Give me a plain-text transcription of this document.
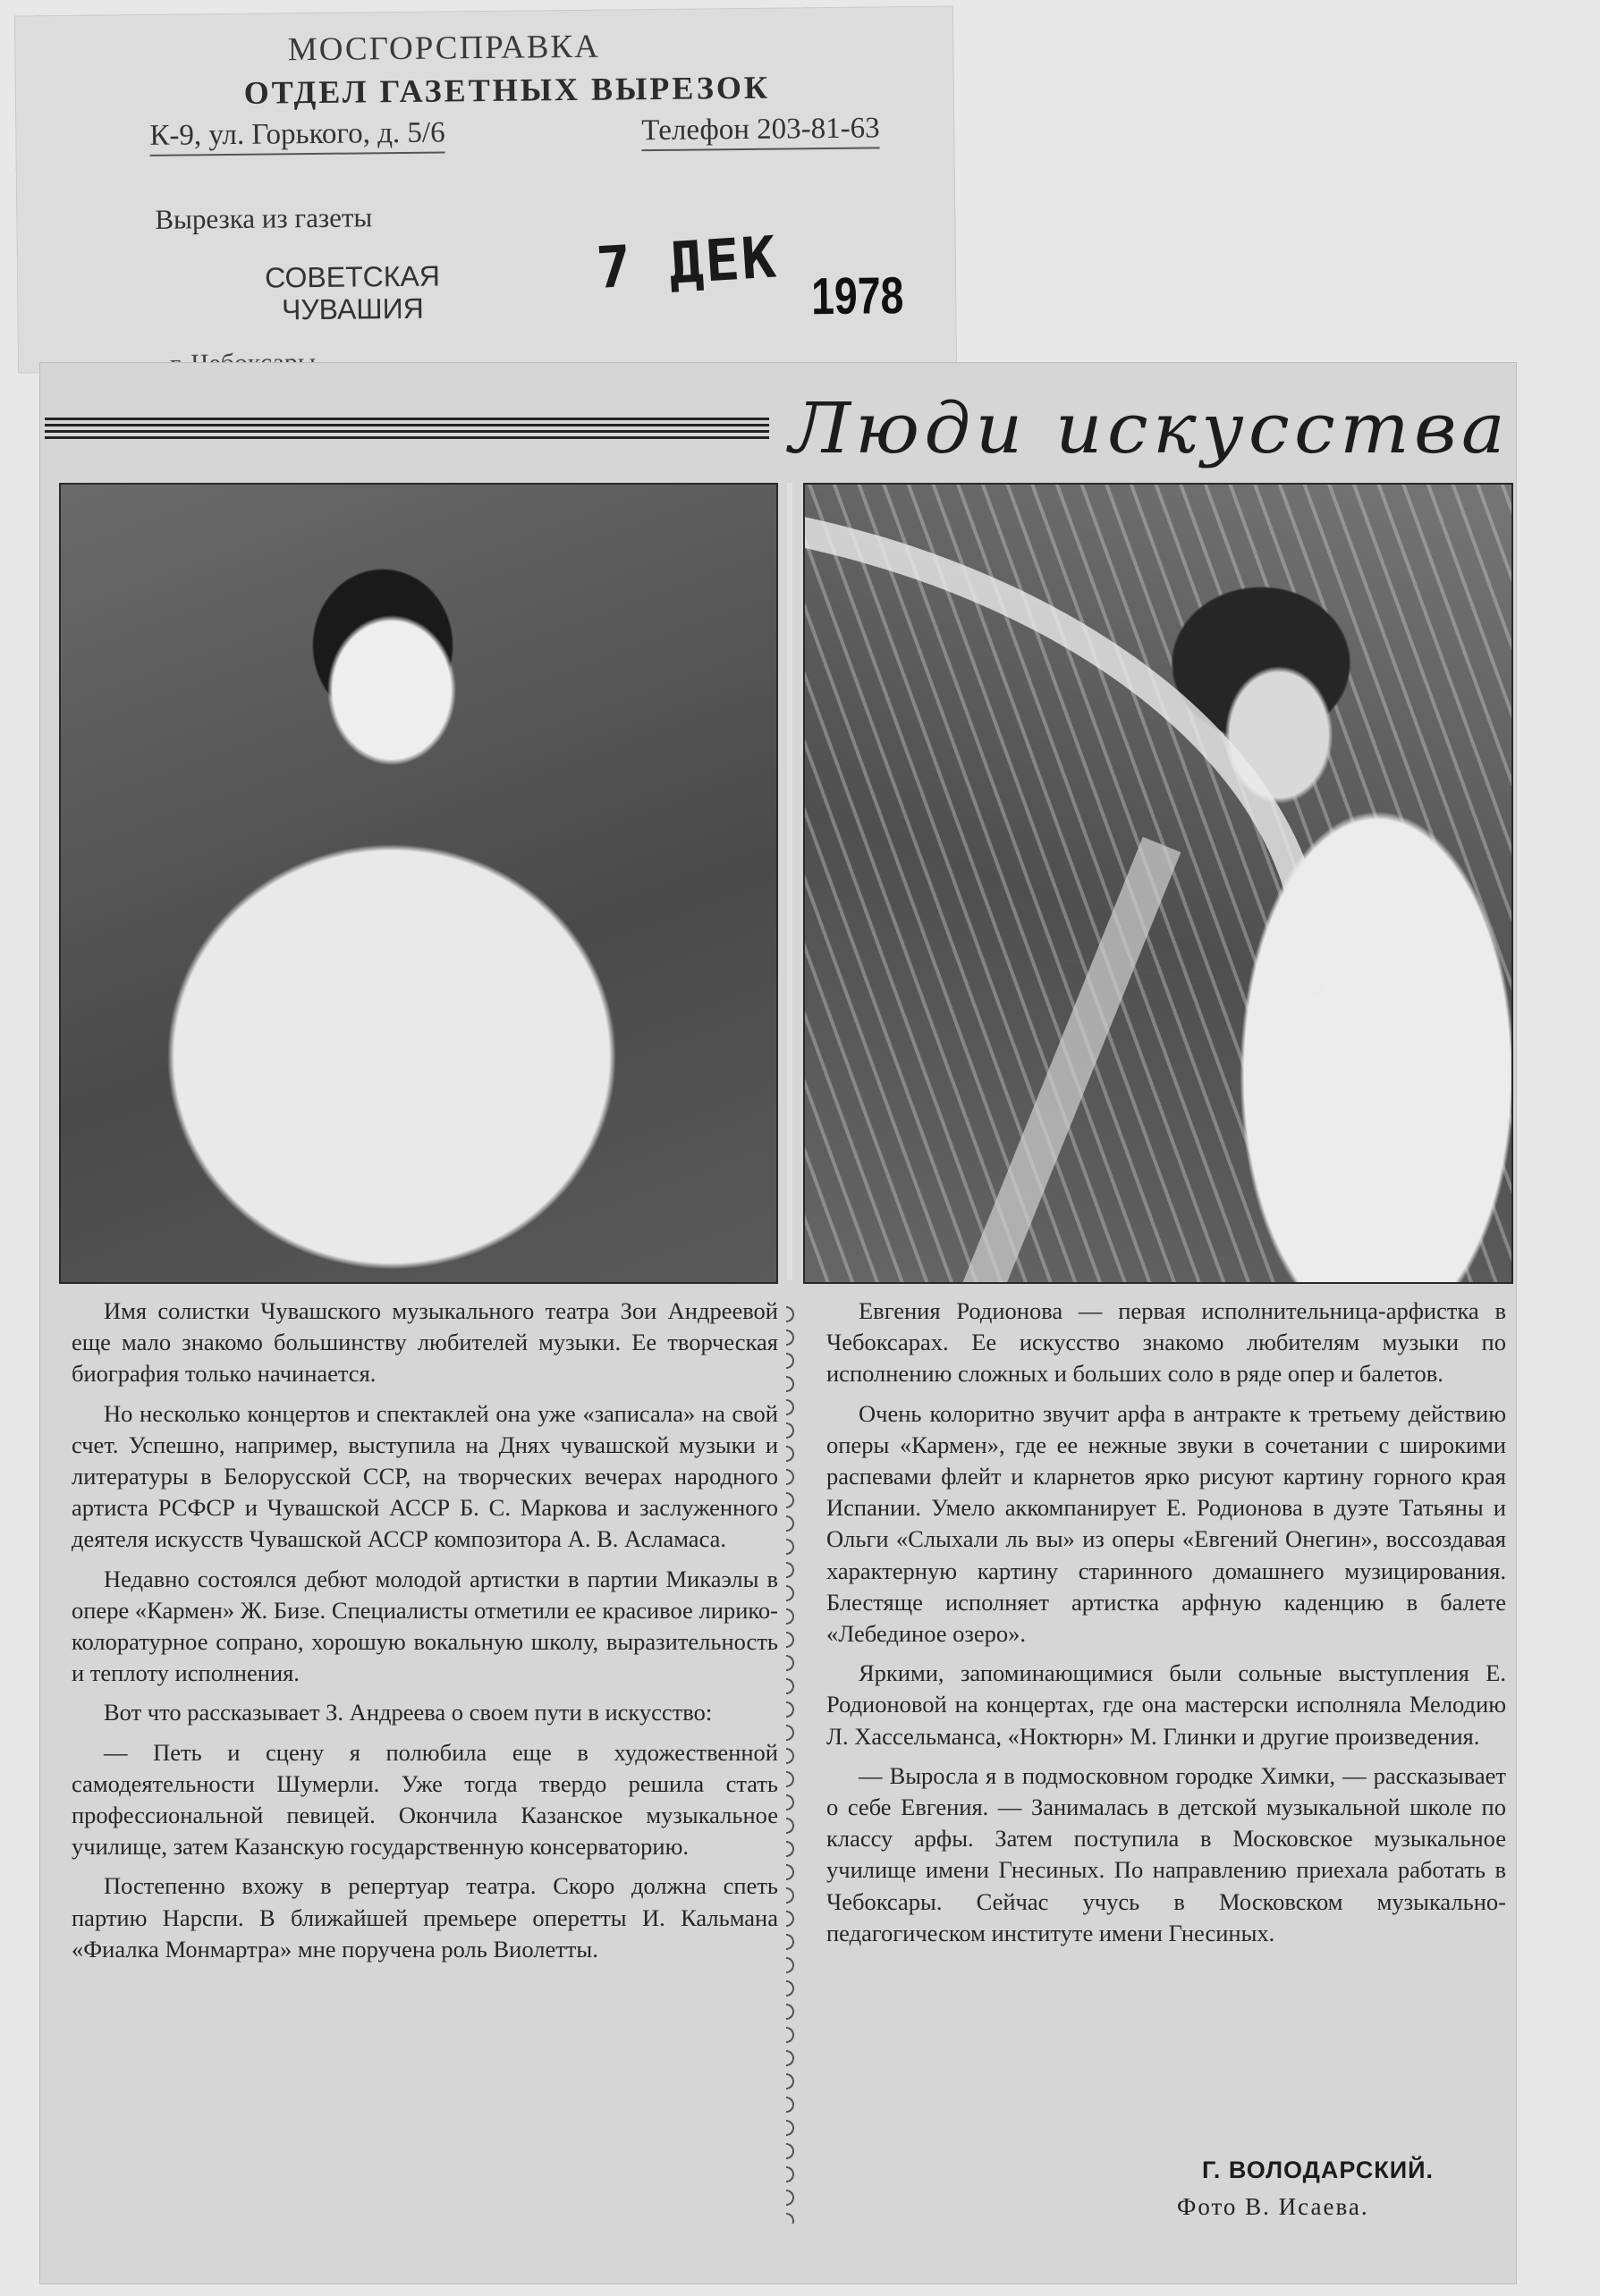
МОСГОРСПРАВКА
ОТДЕЛ ГАЗЕТНЫХ ВЫРЕЗОК
К-9, ул. Горького, д. 5/6	Телефон 203-81-63
Вырезка из газеты
СОВЕТСКАЯ ЧУВАШИЯ
7 ДЕК 1978
Люди искусства

Имя солистки Чувашского музыкального театра Зои Андреевой еще мало знакомо большинству любителей музыки. Ее творческая биография только начинается.

Но несколько концертов и спектаклей она уже «записала» на свой счет. Успешно, например, выступила на Днях чувашской музыки и литературы в Белорусской ССР, на творческих вечерах народного артиста РСФСР и Чувашской АССР Б. С. Маркова и заслуженного деятеля искусств Чувашской АССР композитора А. В. Асламаса.

Недавно состоялся дебют молодой артистки в партии Микаэлы в опере «Кармен» Ж. Бизе. Специалисты отметили ее красивое лирико-колоратурное сопрано, хорошую вокальную школу, выразительность и теплоту исполнения.

Вот что рассказывает З. Андреева о своем пути в искусство:

— Петь и сцену я полюбила еще в художественной самодеятельности Шумерли. Уже тогда твердо решила стать профессиональной певицей. Окончила Казанское музыкальное училище, затем Казанскую государственную консерваторию.

Постепенно вхожу в репертуар театра. Скоро должна спеть партию Нарспи. В ближайшей премьере оперетты И. Кальмана «Фиалка Монмартра» мне поручена роль Виолетты.

Евгения Родионова — первая исполнительница-арфистка в Чебоксарах. Ее искусство знакомо любителям музыки по исполнению сложных и больших соло в ряде опер и балетов.

Очень колоритно звучит арфа в антракте к третьему действию оперы «Кармен», где ее нежные звуки в сочетании с широкими распевами флейт и кларнетов ярко рисуют картину горного края Испании. Умело аккомпанирует Е. Родионова в дуэте Татьяны и Ольги «Слыхали ль вы» из оперы «Евгений Онегин», воссоздавая характерную картину старинного домашнего музицирования. Блестяще исполняет артистка арфную каденцию в балете «Лебединое озеро».

Яркими, запоминающимися были сольные выступления Е. Родионовой на концертах, где она мастерски исполняла Мелодию Л. Хассельманса, «Ноктюрн» М. Глинки и другие произведения.

— Выросла я в подмосковном городке Химки, — рассказывает о себе Евгения. — Занималась в детской музыкальной школе по классу арфы. Затем поступила в Московское музыкальное училище имени Гнесиных. По направлению приехала работать в Чебоксары. Сейчас учусь в Московском музыкально-педагогическом институте имени Гнесиных.

Г. ВОЛОДАРСКИЙ.
Фото В. Исаева.
